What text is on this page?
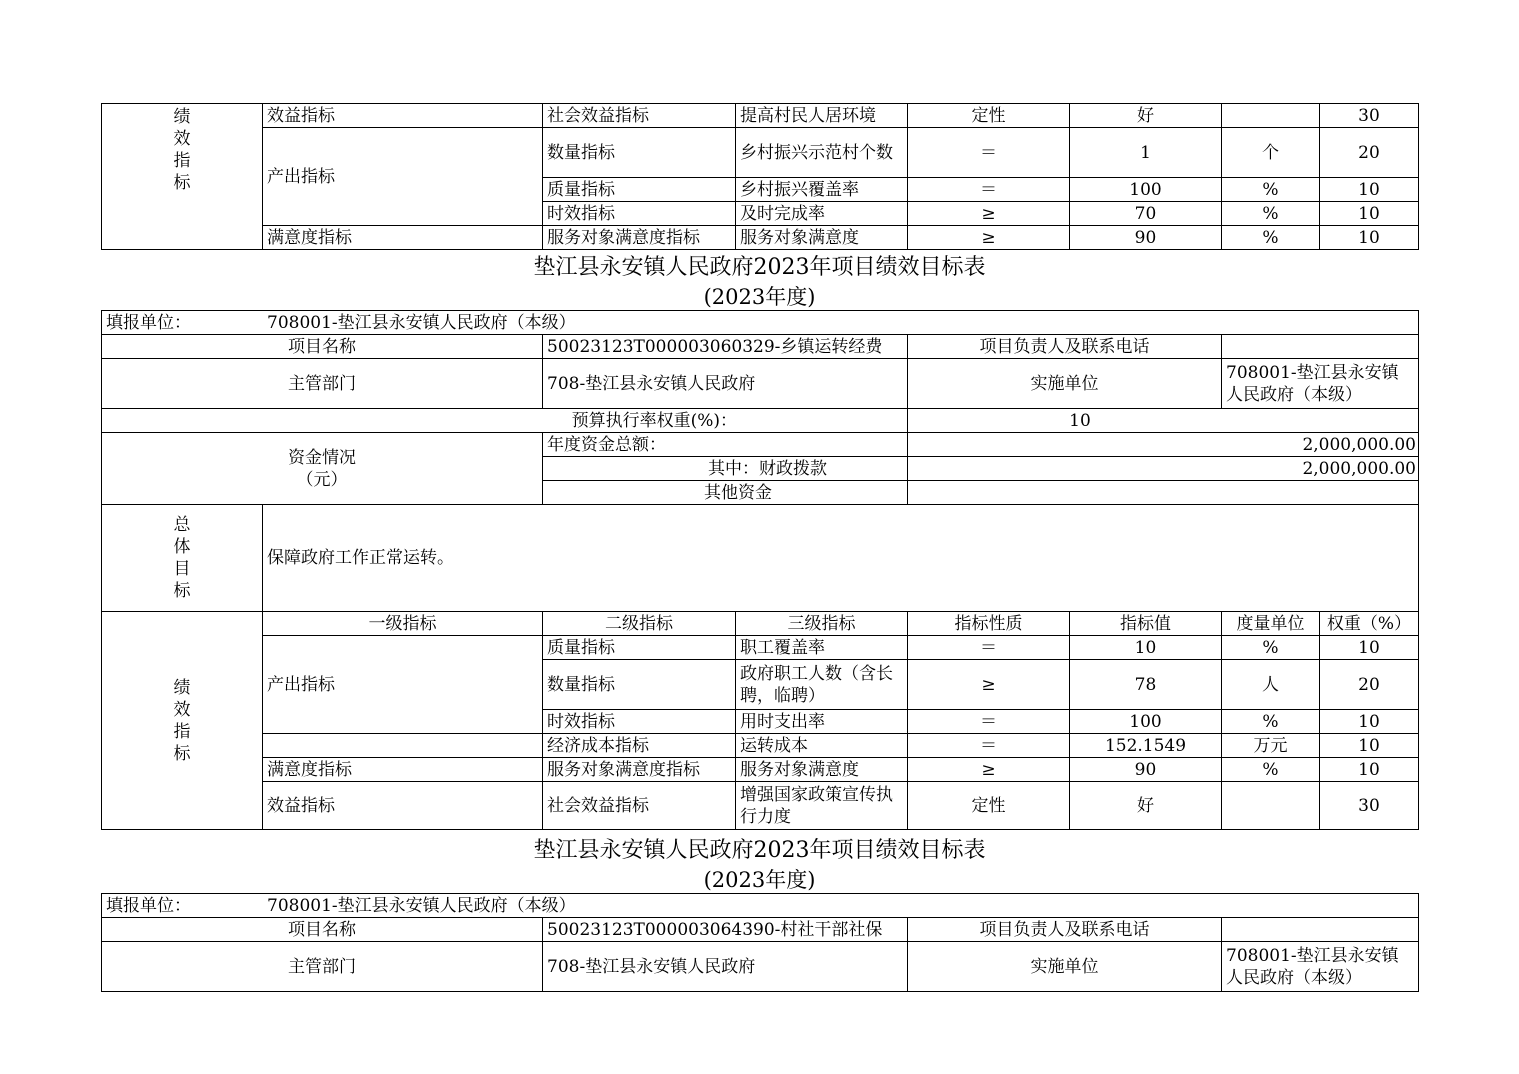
绩
效
指
标	效益指标	社会效益指标	提高村民人居环境	定性	好		30
	产出指标	数量指标	乡村振兴示范村个数	＝	1	个	20
		质量指标	乡村振兴覆盖率	＝	100	%	10
		时效指标	及时完成率	≥	70	%	10
	满意度指标	服务对象满意度指标	服务对象满意度	≥	90	%	10
垫江县永安镇人民政府2023年项目绩效目标表
(2023年度)
填报单位： 708001-垫江县永安镇人民政府（本级）							

项目名称		50023123T000003060329-乡镇运转经费		项目负责人及联系电话			
主管部门		708-垫江县永安镇人民政府		实施单位		708001-垫江县永安镇人民政府（本级）	
预算执行率权重(%)：				10			

资金情况
（元）		年度资金总额：		2,000,000.00			
		其中：财政拨款		2,000,000.00			
		其他资金					

总
体
目
标	保障政府工作正常运转。						

绩
效
指
标	一级指标	二级指标	三级指标	指标性质	指标值	度量单位	权重（%）
	产出指标	质量指标	职工覆盖率	＝	10	%	10
		数量指标	政府职工人数（含长聘，临聘）	≥	78	人	20
		时效指标	用时支出率	＝	100	%	10
		经济成本指标	运转成本	＝	152.1549	万元	10
	满意度指标	服务对象满意度指标	服务对象满意度	≥	90	%	10
	效益指标	社会效益指标	增强国家政策宣传执行力度	定性	好		30
垫江县永安镇人民政府2023年项目绩效目标表
(2023年度)
填报单位： 708001-垫江县永安镇人民政府（本级）			

项目名称	50023123T000003064390-村社干部社保	项目负责人及联系电话	
主管部门	708-垫江县永安镇人民政府	实施单位	708001-垫江县永安镇人民政府（本级）
